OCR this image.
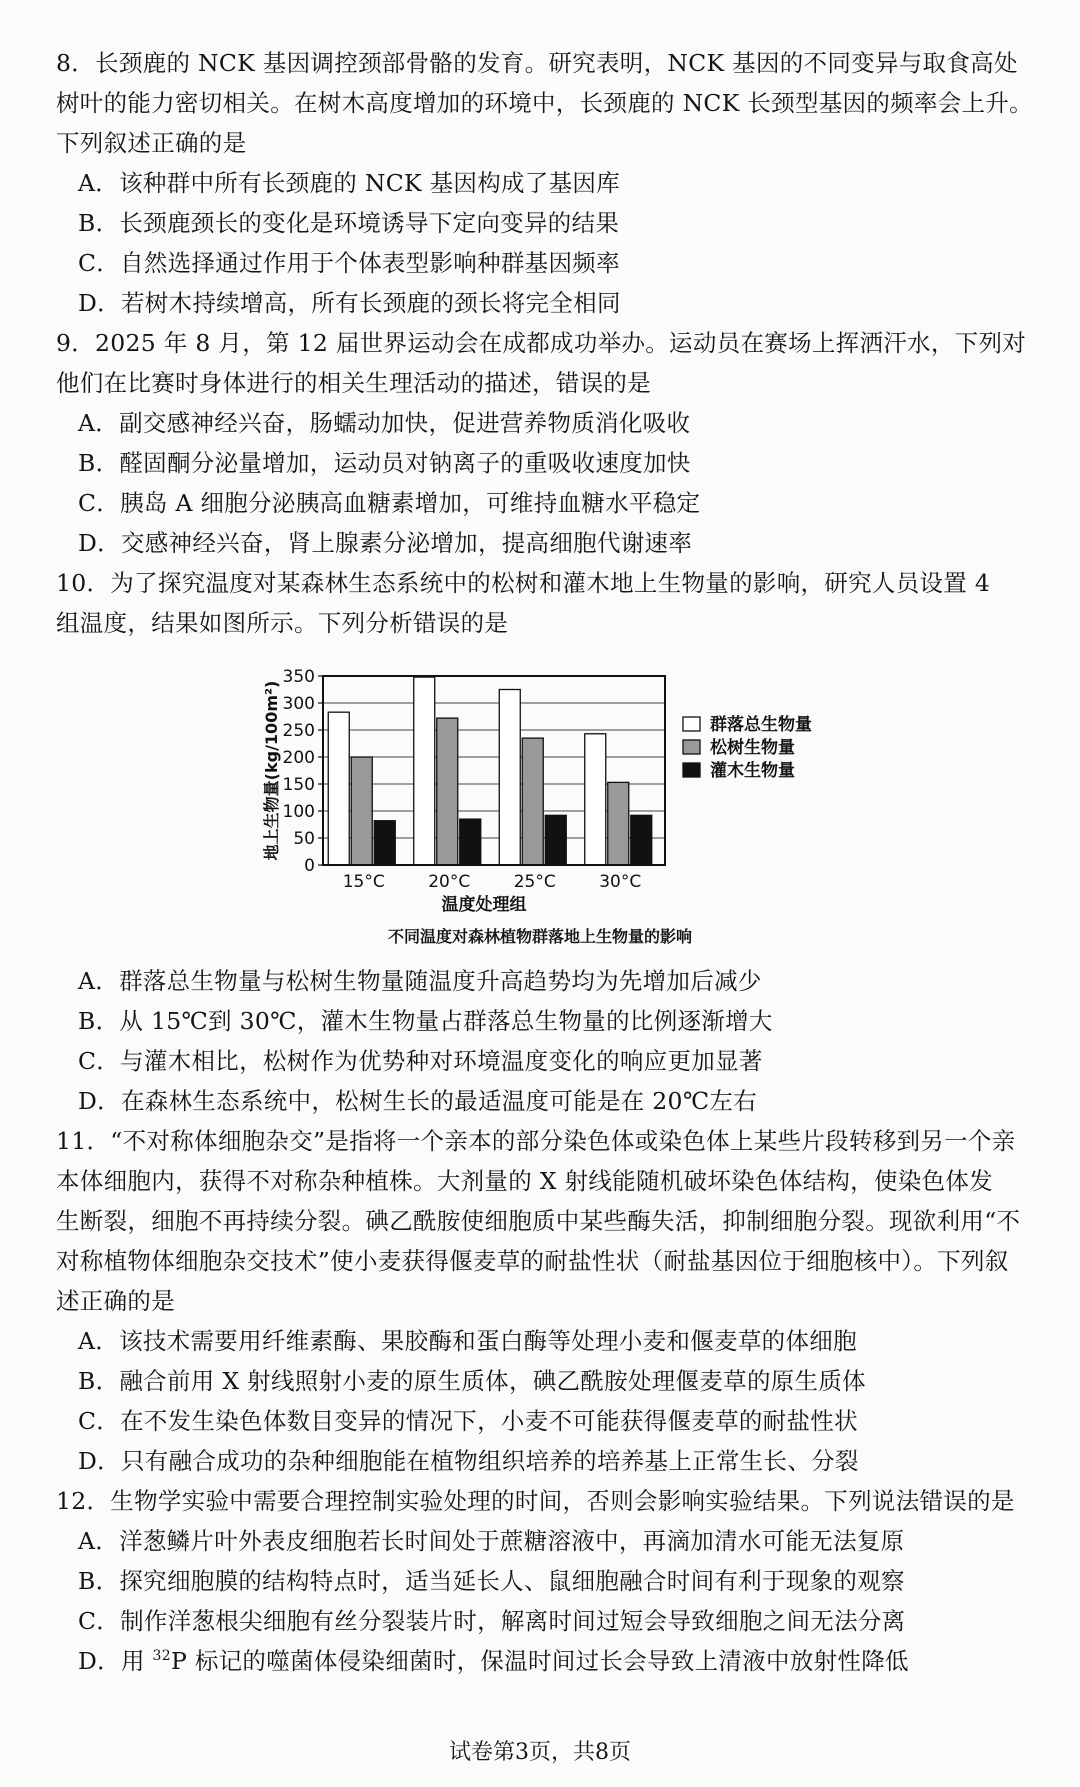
8．长颈鹿的 NCK 基因调控颈部骨骼的发育。研究表明，NCK 基因的不同变异与取食高处
树叶的能力密切相关。在树木高度增加的环境中，长颈鹿的 NCK 长颈型基因的频率会上升。
下列叙述正确的是
A．该种群中所有长颈鹿的 NCK 基因构成了基因库
B．长颈鹿颈长的变化是环境诱导下定向变异的结果
C．自然选择通过作用于个体表型影响种群基因频率
D．若树木持续增高，所有长颈鹿的颈长将完全相同
9．2025 年 8 月，第 12 届世界运动会在成都成功举办。运动员在赛场上挥洒汗水，下列对
他们在比赛时身体进行的相关生理活动的描述，错误的是
A．副交感神经兴奋，肠蠕动加快，促进营养物质消化吸收
B．醛固酮分泌量增加，运动员对钠离子的重吸收速度加快
C．胰岛 A 细胞分泌胰高血糖素增加，可维持血糖水平稳定
D．交感神经兴奋，肾上腺素分泌增加，提高细胞代谢速率
10．为了探究温度对某森林生态系统中的松树和灌木地上生物量的影响，研究人员设置 4
组温度，结果如图所示。下列分析错误的是
0
50
100
150
200
250
300
350
15°C	20°C	25°C	30°C
温度处理组
地上生物量(kg/100m²)	群落总生物量
松树生物量
灌木生物量
不同温度对森林植物群落地上生物量的影响
A．群落总生物量与松树生物量随温度升高趋势均为先增加后减少
B．从 15℃到 30℃，灌木生物量占群落总生物量的比例逐渐增大
C．与灌木相比，松树作为优势种对环境温度变化的响应更加显著
D．在森林生态系统中，松树生长的最适温度可能是在 20℃左右
11．“不对称体细胞杂交”是指将一个亲本的部分染色体或染色体上某些片段转移到另一个亲
本体细胞内，获得不对称杂种植株。大剂量的 X 射线能随机破坏染色体结构，使染色体发
生断裂，细胞不再持续分裂。碘乙酰胺使细胞质中某些酶失活，抑制细胞分裂。现欲利用“不
对称植物体细胞杂交技术”使小麦获得偃麦草的耐盐性状（耐盐基因位于细胞核中）。下列叙
述正确的是
A．该技术需要用纤维素酶、果胶酶和蛋白酶等处理小麦和偃麦草的体细胞
B．融合前用 X 射线照射小麦的原生质体，碘乙酰胺处理偃麦草的原生质体
C．在不发生染色体数目变异的情况下，小麦不可能获得偃麦草的耐盐性状
D．只有融合成功的杂种细胞能在植物组织培养的培养基上正常生长、分裂
12．生物学实验中需要合理控制实验处理的时间，否则会影响实验结果。下列说法错误的是
A．洋葱鳞片叶外表皮细胞若长时间处于蔗糖溶液中，再滴加清水可能无法复原
B．探究细胞膜的结构特点时，适当延长人、鼠细胞融合时间有利于现象的观察
C．制作洋葱根尖细胞有丝分裂装片时，解离时间过短会导致细胞之间无法分离
D．用 $^{32}$P 标记的噬菌体侵染细菌时，保温时间过长会导致上清液中放射性降低
试卷第3页，共8页
